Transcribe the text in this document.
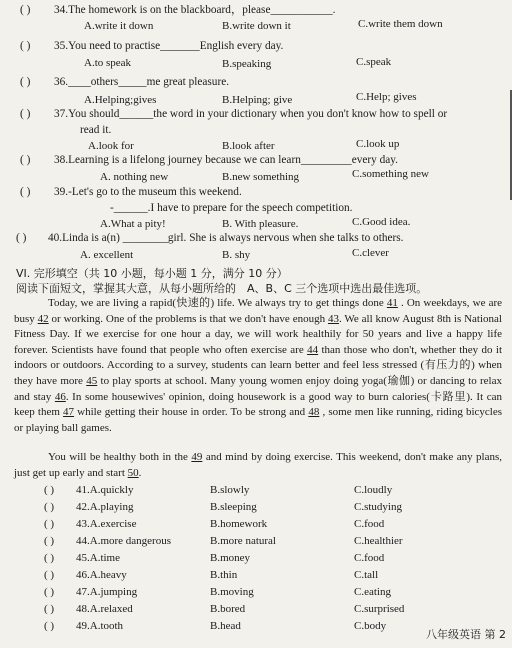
( ) 34.The homework is on the blackboard，please___________.
A.write it down	B.write down it	C.write them down
( ) 35.You need to practise_______English every day.
A.to speak	B.speaking	C.speak
( ) 36.____others_____me great pleasure.
A.Helping;gives	B.Helping; give	C.Help; gives
( ) 37.You should______the word in your dictionary when you don't know how to spell or
read it.
A.look for	B.look after	C.look up
( ) 38.Learning is a lifelong journey because we can learn_________every day.
A. nothing new	B.new something	C.something new
( ) 39.-Let's go to the museum this weekend.
-______.I have to prepare for the speech competition.
A.What a pity!	B. With pleasure.	C.Good idea.
( ) 40.Linda is a(n) ________girl. She is always nervous when she talks to others.
A. excellent	B. shy	C.clever
VI. 完形填空（共 10 小题，每小题 1 分，满分 10 分）
阅读下面短文，掌握其大意，从每小题所给的　A、B、C 三个选项中选出最佳选项。
Today, we are living a rapid(快速的) life. We always try to get things done 41 . On weekdays, we are busy 42 or working. One of the problems is that we don't have enough 43. We all know August 8th is National Fitness Day. If we exercise for one hour a day, we will work healthily for 50 years and live a happy life forever. Scientists have found that people who often exercise are 44 than those who don't, whether they do it indoors or outdoors. According to a survey, students can learn better and feel less stressed (有压力的) when they have more 45 to play sports at school. Many young women enjoy doing yoga(瑜伽) or dancing to relax and stay 46. In some housewives' opinion, doing housework is a good way to burn calories(卡路里). It can keep them 47 while getting their house in order. To be strong and 48 , some men like running, riding bicycles or playing ball games.
You will be healthy both in the 49 and mind by doing exercise. This weekend, don't make any plans, just get up early and start 50.
( ) 41.A.quickly	B.slowly	C.loudly
( ) 42.A.playing	B.sleeping	C.studying
( ) 43.A.exercise	B.homework	C.food
( ) 44.A.more dangerous	B.more natural	C.healthier
( ) 45.A.time	B.money	C.food
( ) 46.A.heavy	B.thin	C.tall
( ) 47.A.jumping	B.moving	C.eating
( ) 48.A.relaxed	B.bored	C.surprised
( ) 49.A.tooth	B.head	C.body
八年级英语 第 2
